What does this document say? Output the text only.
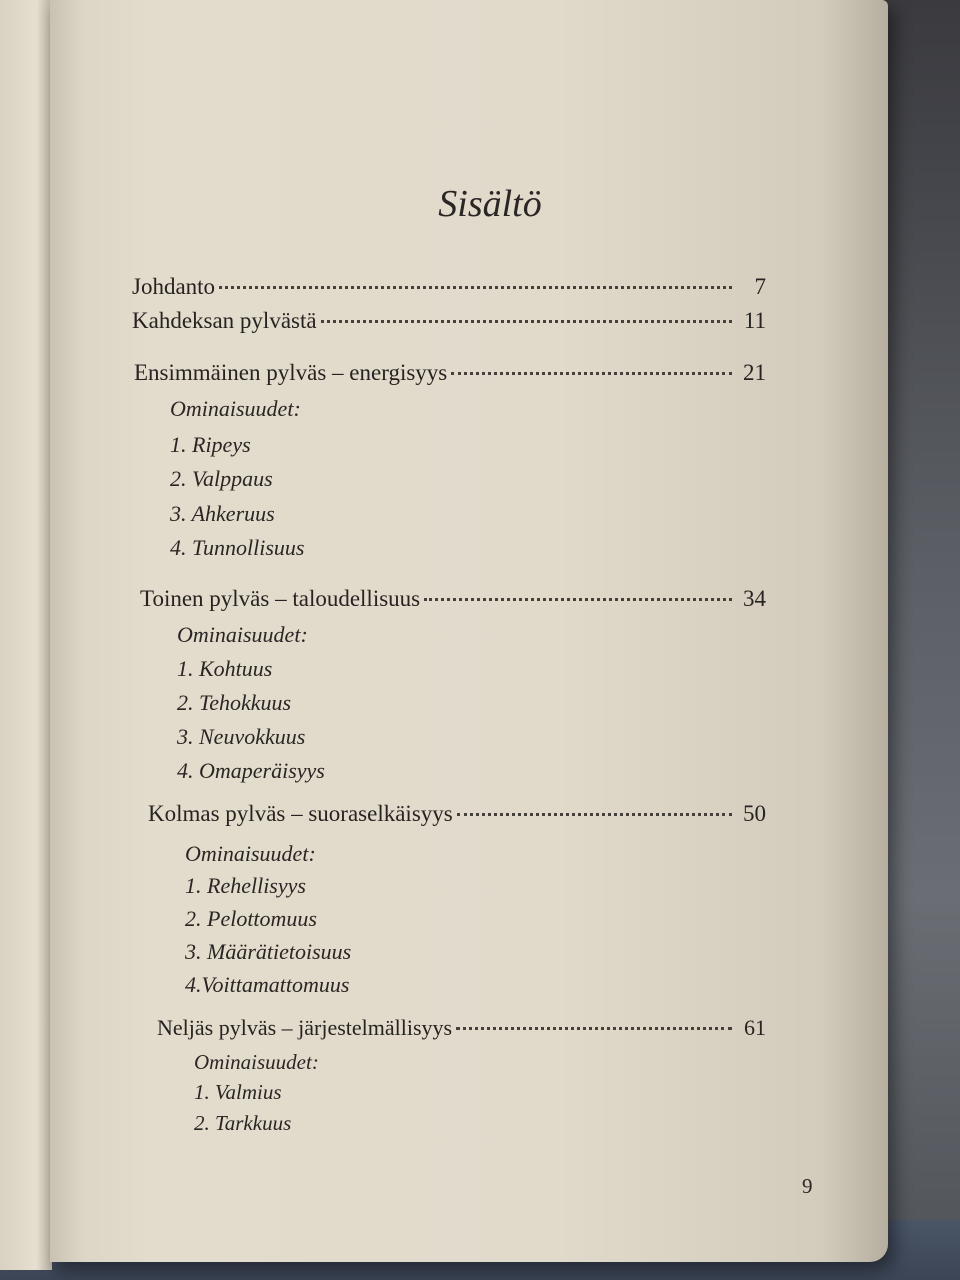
Sisältö
Johdanto	7
Kahdeksan pylvästä	11
Ensimmäinen pylväs – energisyys	21
Ominaisuudet:
1. Ripeys
2. Valppaus
3. Ahkeruus
4. Tunnollisuus
Toinen pylväs – taloudellisuus	34
Ominaisuudet:
1. Kohtuus
2. Tehokkuus
3. Neuvokkuus
4. Omaperäisyys
Kolmas pylväs – suoraselkäisyys	50
Ominaisuudet:
1. Rehellisyys
2. Pelottomuus
3. Määrätietoisuus
4.Voittamattomuus
Neljäs pylväs – järjestelmällisyys	61
Ominaisuudet:
1. Valmius
2. Tarkkuus
9
